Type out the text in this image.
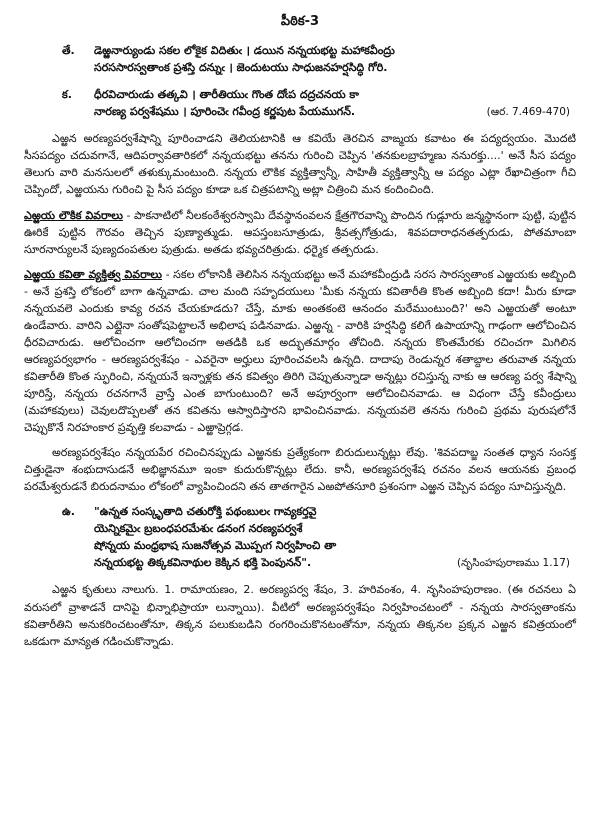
పీఠిక-3
తే. డెఱ్ఱనార్యుండు సకల లోకైక విదితుఁ । డయిన నన్నయభట్ట మహాకవీంద్రు
సరససారస్వతాంక ప్రశస్తి దన్నుఁ । జెందుటయు సాధుజనహర్షసిద్ధి గోరి.
క. ధీరవిచారుఁడు తత్కవి । తారీతియుఁ గొంత దోఁప దద్రచనయ కా
నారణ్య పర్వశేషము । పూరించెఁ గవీంద్ర కర్ణపుట పేయముగన్.	(ఆర. 7.469-470)

ఎఱ్ఱన అరణ్యపర్వశేషాన్ని పూరించాడని తెలియటానికి ఆ కవియే తెరచిన వాఙ్మయ కవాటం ఈ పద్యద్వయం. మొదటి సీసపద్యం చదువగానే, ఆదిపర్వావతారికలో నన్నయభట్టు తనను గురించి చెప్పిన 'తనకులబ్రాహ్మణు ననురక్తు....' అనే సీస పద్యం తెలుగు వారి మనసులలో తళుక్కుమంటుంది. నన్నయ లౌకిక వ్యక్తిత్వాన్నీ, సాహితీ వ్యక్తిత్వాన్నీ ఆ పద్యం ఎట్లా రేఖాచిత్రంగా గీచి చెప్పిందో, ఎఱ్ఱయను గురించి పై సీస పద్యం కూడా ఒక చిత్రపటాన్ని అట్లా చిత్రించి మన కందించింది.

ఎఱ్ఱయ లౌకిక వివరాలు - పాకనాటిలో నీలకంఠేశ్వరస్వామి దేవస్థానంవలన క్షేత్రగౌరవాన్ని పొందిన గుడ్లూరు జన్మస్థానంగా పుట్టి, పుట్టిన ఊరికే పుట్టిన గౌరవం తెచ్చిన పుణ్యాత్ముడు. ఆపస్తంబసూత్రుడు, శ్రీవత్సగోత్రుడు, శివపదారాధనతత్పరుడు, పోతమాంబా సూరనార్యులనే పుణ్యదంపతుల పుత్రుడు. అతడు భవ్యచరిత్రుడు. ధర్మైక తత్పరుడు.

ఎఱ్ఱయ కవితా వ్యక్తిత్వ వివరాలు - సకల లోకానికీ తెలిసిన నన్నయభట్టు అనే మహాకవీంద్రుడి సరస సారస్వతాంక ఎఱ్ఱయకు అబ్బింది - అనే ప్రశస్తి లోకంలో బాగా ఉన్నవాడు. చాల మంది సహృదయులు 'మీకు నన్నయ కవితారీతి కొంత అబ్బింది కదా! మీరు కూడా నన్నయవలె ఎందుకు కావ్య రచన చేయకూడదు? చేస్తే, మాకు అంతకంటె ఆనందం మరేముంటుంది?' అని ఎఱ్ఱయతో అంటూ ఉండేవారు. వారిని ఎట్లైనా సంతోషపెట్టాలనే అభిలాష పడినవాడు. ఎఱ్ఱన్న - వారికి హర్షసిద్ధి కలిగే ఉపాయాన్ని గాఢంగా ఆలోచించిన ధీరవిచారుడు. ఆలోచించగా ఆలోచించగా అతడికి ఒక అద్భుతమార్గం తోచింది. నన్నయ కొంతమేరకు రచించగా మిగిలిన ఆరణ్యపర్వభాగం - ఆరణ్యపర్వశేషం - ఎవరైనా అర్హులు పూరించవలసి ఉన్నది. దాదాపు రెండున్నర శతాబ్దాల తరువాత నన్నయ కవితారీతి కొంత స్ఫురించి, నన్నయనే ఇన్నాళ్లకు తన కవిత్వం తిరిగి చెప్పుతున్నాడా అన్నట్లు రచిస్తున్న నాకు ఆ ఆరణ్య పర్వ శేషాన్ని పూరిస్తే, నన్నయ రచనగానే వ్రాస్తే ఎంత బాగుంటుంది? అనే అపూర్వంగా ఆలోచించినవాడు. ఆ విధంగా చేస్తే కవీంద్రులు (మహాకవులు) చెవులదొప్పలతో తన కవితను ఆస్వాదిస్తారని భావించినవాడు. నన్నయవలె తనను గురించి ప్రథమ పురుషలోనే చెప్పుకొనే నిరహంకార ప్రవృత్తి కలవాడు - ఎఱ్ఱాప్రెగ్గడ.

అరణ్యపర్వశేషం నన్నయపేర రచించినప్పుడు ఎఱ్ఱనకు ప్రత్యేకంగా బిరుదులున్నట్లు లేవు. 'శివపదాబ్జ సంతత ధ్యాన సంసక్త చిత్తుడైనా శంభుదాసుడనే అభిజ్ఞానమూ ఇంకా కుదురుకొన్నట్లు లేదు. కానీ, అరణ్యపర్వశేష రచనం వలన ఆయనకు ప్రబంధ పరమేశ్వరుడనే బిరుదనామం లోకంలో వ్యాపించిందని తన తాతగారైన ఎఱపోతసూరి ప్రశంసగా ఎఱ్ఱన చెప్పిన పద్యం సూచిస్తున్నది.

ఉ. "ఉన్నత సంస్కృతాది చతురోక్తి పథంబులఁ గావ్యకర్తవై
యెన్నికమైఁ బ్రబంధపరమేశుఁ డనంగ నరణ్యపర్వశే
షోన్నయ మంధ్రభాష సుజనోత్సవ మొప్పఁగ నిర్వహించి తా
నన్నయభట్ట తిక్కకవినాథుల కెక్కిన భక్తి పెంపునన్".	(నృసింహపురాణము 1.17)

ఎఱ్ఱన కృతులు నాలుగు. 1. రామాయణం, 2. అరణ్యపర్వ శేషం, 3. హరివంశం, 4. నృసింహపురాణం. (ఈ రచనలు ఏ వరుసలో వ్రాశాడనే దానిపై భిన్నాభిప్రాయా లున్నాయి). వీటిలో అరణ్యపర్వశేషం నిర్వహించటంలో - నన్నయ సారస్వతాంకను కవితారీతిని అనుకరించటంతోనూ, తిక్కన పలుకుబడిని రంగరించుకొనటంతోనూ, నన్నయ తిక్కనల ప్రక్కన ఎఱ్ఱన కవిత్రయంలో ఒకడుగా మాన్యత గడించుకొన్నాడు.
